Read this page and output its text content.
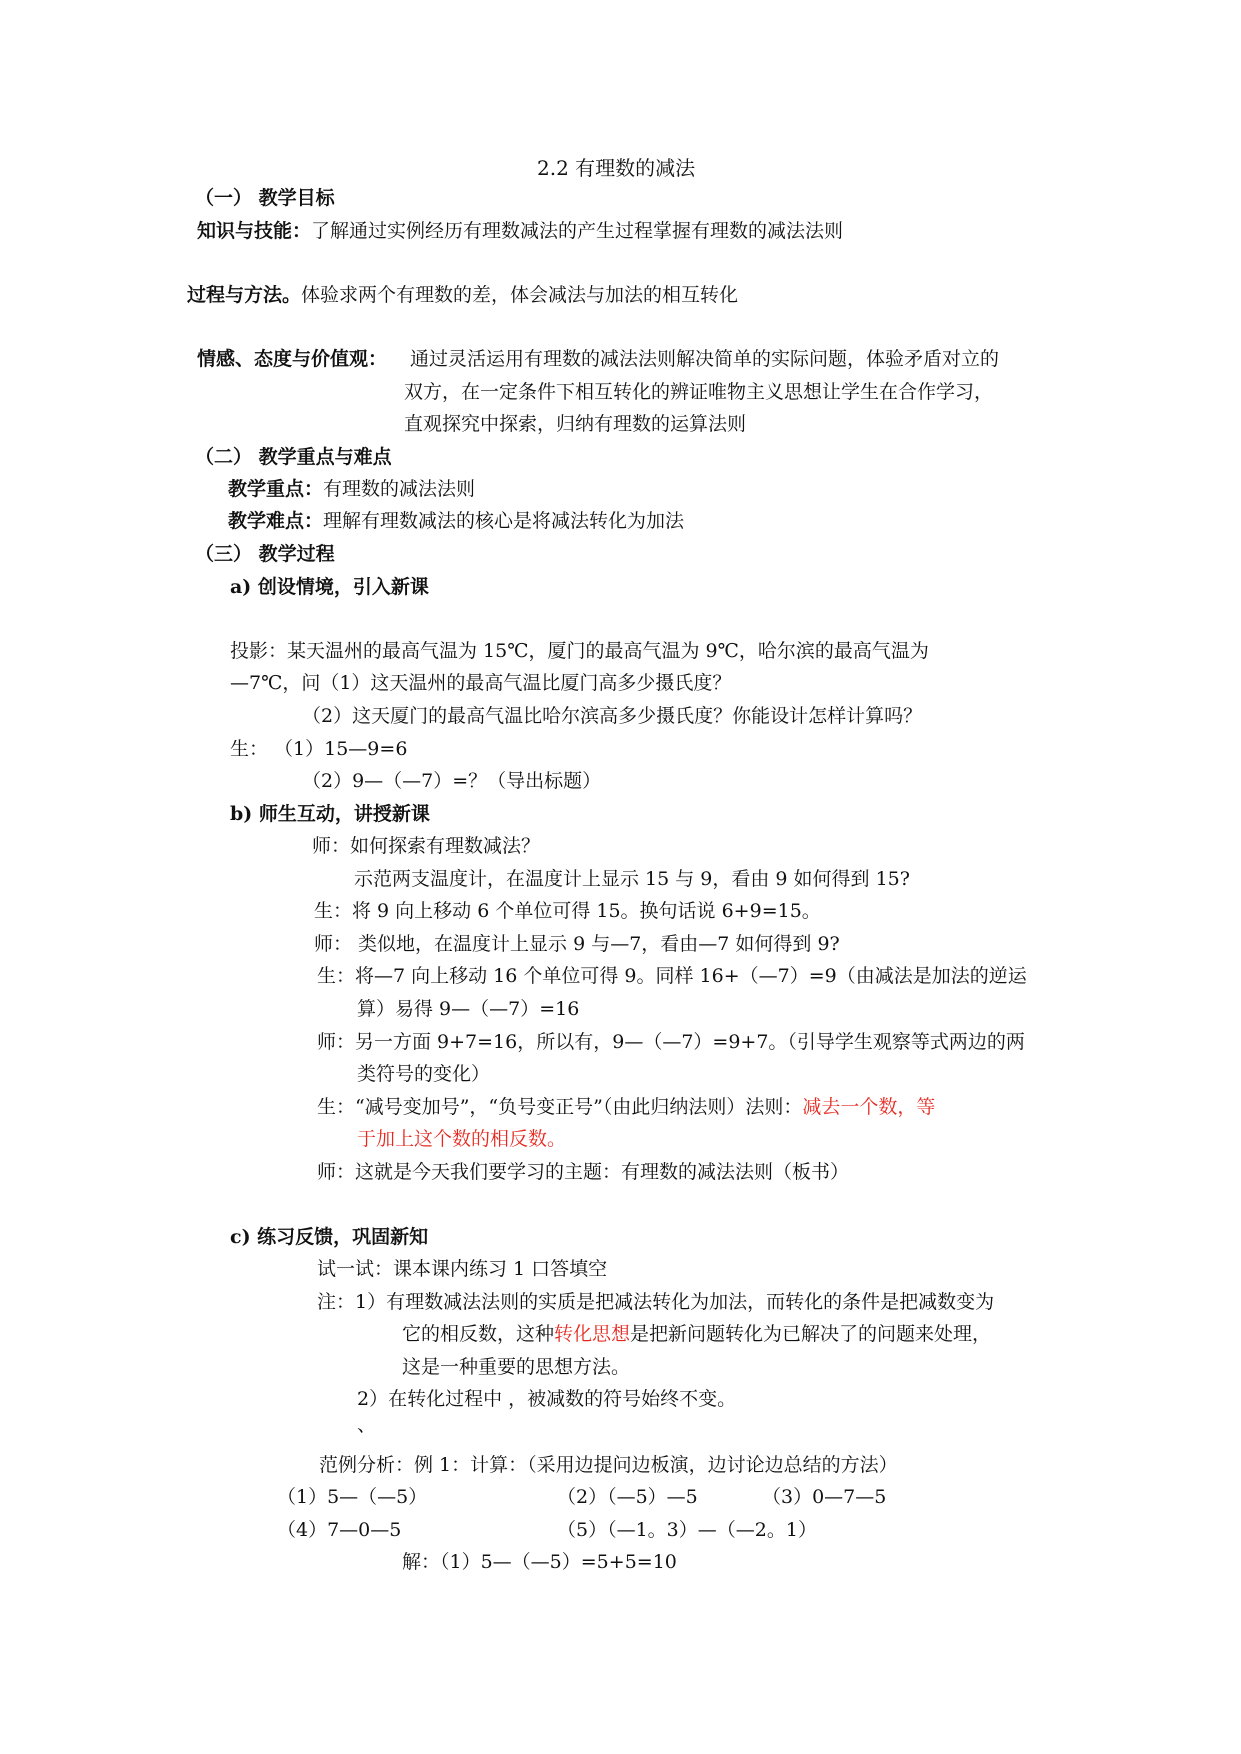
2.2 有理数的减法
（一） 教学目标
知识与技能：了解通过实例经历有理数减法的产生过程掌握有理数的减法法则
过程与方法。体验求两个有理数的差，体会减法与加法的相互转化
情感、态度与价值观： 通过灵活运用有理数的减法法则解决简单的实际问题，体验矛盾对立的
双方，在一定条件下相互转化的辨证唯物主义思想让学生在合作学习，
直观探究中探索，归纳有理数的运算法则
（二） 教学重点与难点
教学重点：有理数的减法法则
教学难点：理解有理数减法的核心是将减法转化为加法
（三） 教学过程
a) 创设情境，引入新课
投影：某天温州的最高气温为 15℃，厦门的最高气温为 9℃，哈尔滨的最高气温为
—7℃，问（1）这天温州的最高气温比厦门高多少摄氏度？
（2）这天厦门的最高气温比哈尔滨高多少摄氏度？你能设计怎样计算吗？
生： （1）15—9=6
（2）9—（—7）=？（导出标题）
b) 师生互动，讲授新课
师：如何探索有理数减法？
示范两支温度计，在温度计上显示 15 与 9，看由 9 如何得到 15?
生：将 9 向上移动 6 个单位可得 15。换句话说 6+9=15。
师： 类似地，在温度计上显示 9 与—7，看由—7 如何得到 9?
生：将—7 向上移动 16 个单位可得 9。同样 16+（—7）=9（由减法是加法的逆运
算）易得 9—（—7）=16
师：另一方面 9+7=16，所以有，9—（—7）=9+7。（引导学生观察等式两边的两
类符号的变化）
生：“减号变加号”，“负号变正号”（由此归纳法则）法则：减去一个数，等
于加上这个数的相反数。
师：这就是今天我们要学习的主题：有理数的减法法则（板书）
c) 练习反馈，巩固新知
试一试：课本课内练习 1 口答填空
注：1）有理数减法法则的实质是把减法转化为加法，而转化的条件是把减数变为
它的相反数，这种转化思想是把新问题转化为已解决了的问题来处理，
这是一种重要的思想方法。
2）在转化过程中 ，被减数的符号始终不变。
、
范例分析：例 1：计算：（采用边提问边板演，边讨论边总结的方法）
（1）5—（—5）	（2）（—5）—5	（3）0—7—5
（4）7—0—5	（5）（—1。3）—（—2。1）
解：（1）5—（—5）=5+5=10
